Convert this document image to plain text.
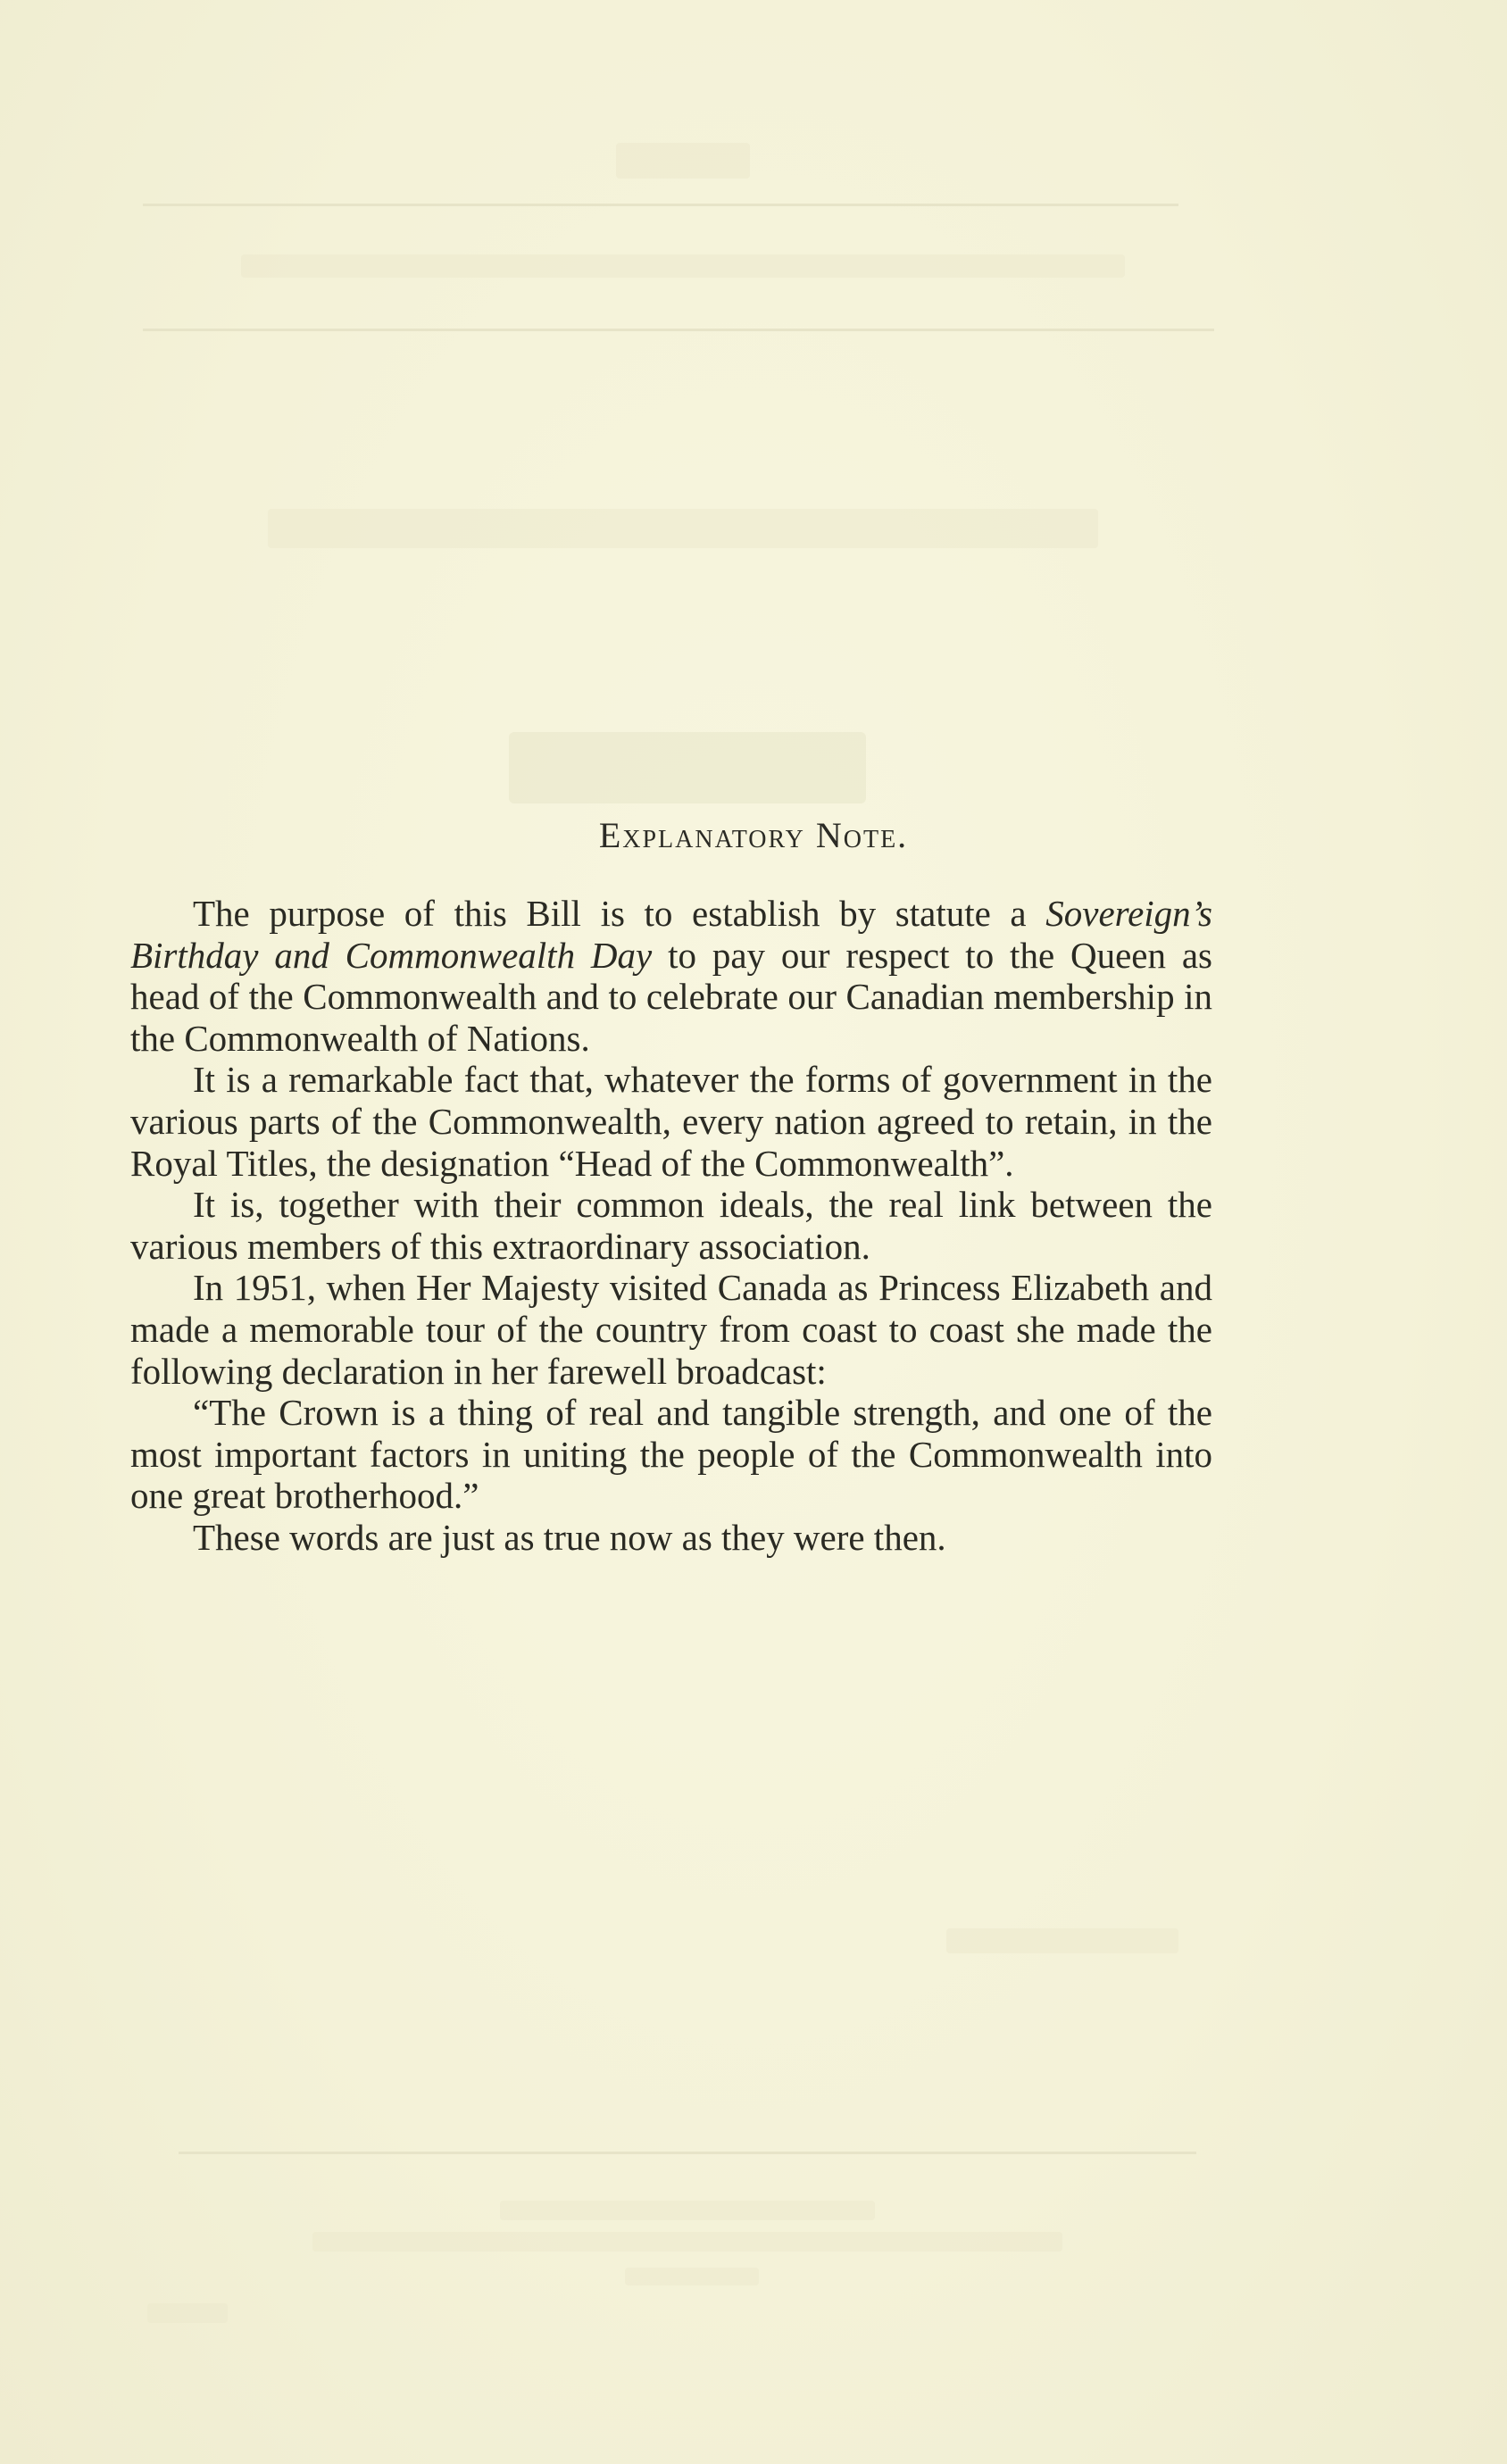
Explanatory Note.

The purpose of this Bill is to establish by statute a Sovereign’s Birthday and Commonwealth Day to pay our respect to the Queen as head of the Commonwealth and to celebrate our Canadian membership in the Commonwealth of Nations.

It is a remarkable fact that, whatever the forms of government in the various parts of the Commonwealth, every nation agreed to retain, in the Royal Titles, the designation “Head of the Commonwealth”.

It is, together with their common ideals, the real link between the various members of this extraordinary association.

In 1951, when Her Majesty visited Canada as Princess Elizabeth and made a memorable tour of the country from coast to coast she made the following declaration in her farewell broadcast:

“The Crown is a thing of real and tangible strength, and one of the most important factors in uniting the people of the Commonwealth into one great brotherhood.”

These words are just as true now as they were then.
